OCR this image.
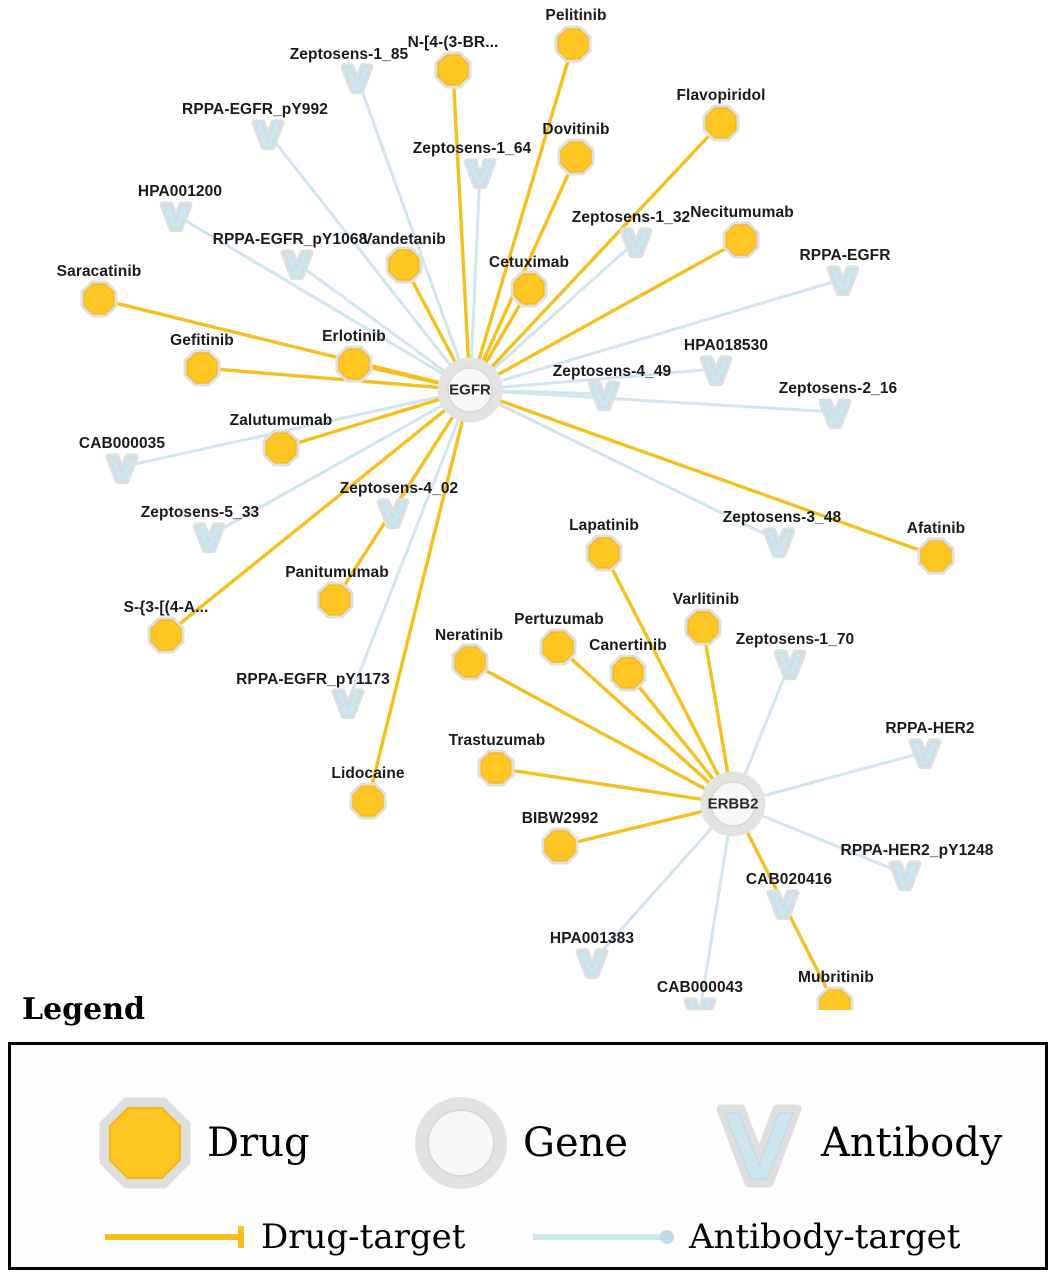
Zeptosens-1_85
RPPA-EGFR_pY992
Zeptosens-1_64
HPA001200
RPPA-EGFR_pY1068
Zeptosens-1_32
RPPA-EGFR
HPA018530
Zeptosens-4_49
Zeptosens-2_16
CAB000035
Zeptosens-5_33
Zeptosens-4_02
Zeptosens-3_48
Zeptosens-1_70
RPPA-EGFR_pY1173
RPPA-HER2
RPPA-HER2_pY1248
CAB020416
HPA001383
CAB000043
Pelitinib
N-[4-(3-BR...
Flavopiridol
Dovitinib
Necitumumab
Vandetanib
Cetuximab
Saracatinib
Gefitinib	Erlotinib
Zalutumumab
Afatinib
Lapatinib
Varlitinib
Panitumumab
S-{3-[(4-A...
Pertuzumab
Canertinib
Neratinib
Trastuzumab
Lidocaine
BIBW2992
Mubritinib
EGFR
ERBB2
Legend
Drug	Gene	Antibody
Drug-target	Antibody-target
